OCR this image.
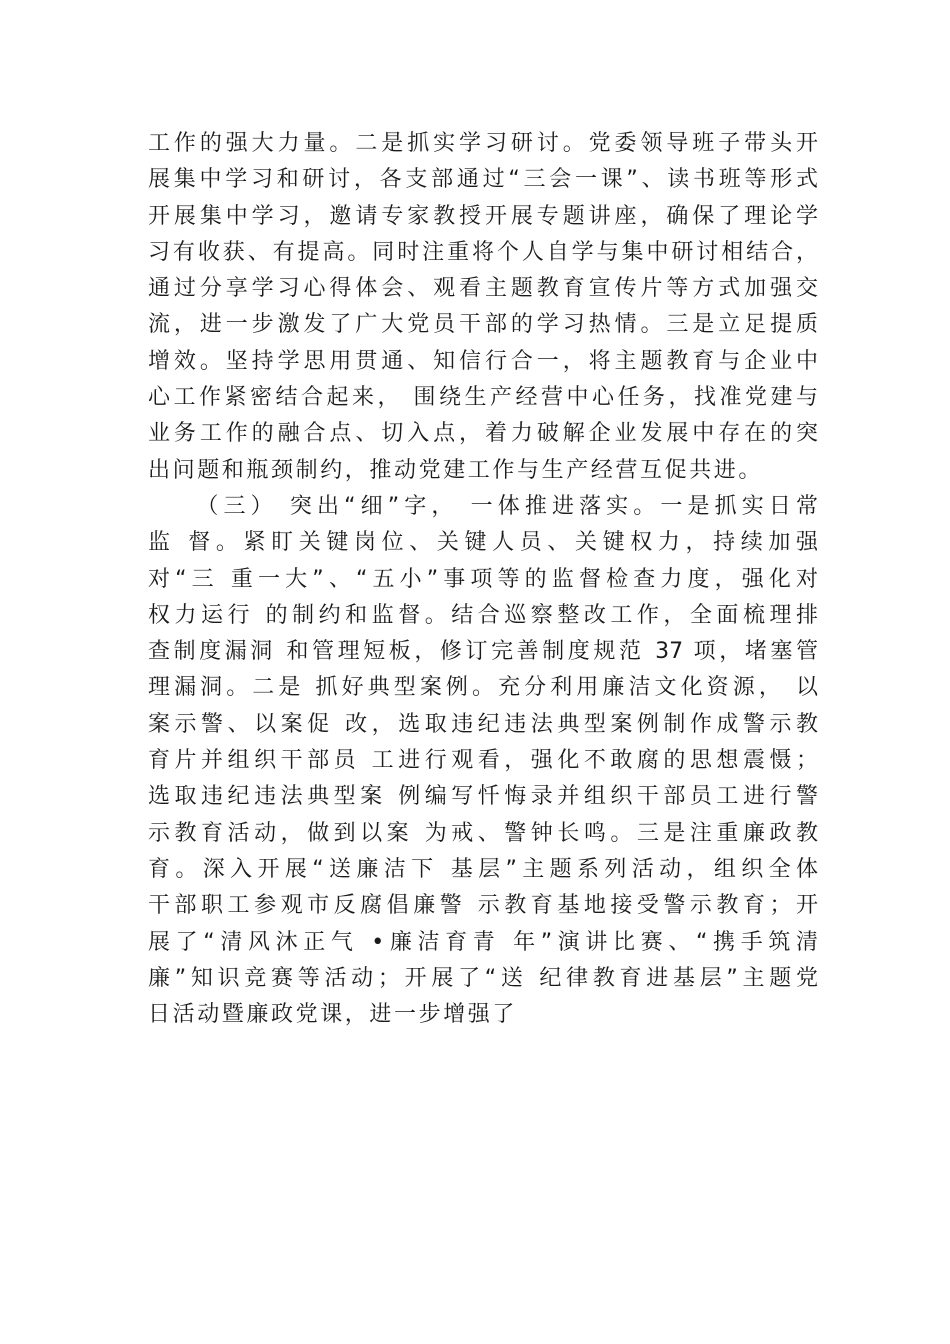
工作的强大力量。二是抓实学习研讨。党委领导班子带头开
展集中学习和研讨，各支部通过“三会一课”、读书班等形式
开展集中学习，邀请专家教授开展专题讲座，确保了理论学
习有收获、有提高。同时注重将个人自学与集中研讨相结合，
通过分享学习心得体会、观看主题教育宣传片等方式加强交
流，进一步激发了广大党员干部的学习热情。三是立足提质
增效。坚持学思用贯通、知信行合一，将主题教育与企业中
心工作紧密结合起来， 围绕生产经营中心任务，找准党建与
业务工作的融合点、切入点，着力破解企业发展中存在的突
出问题和瓶颈制约，推动党建工作与生产经营互促共进。
（三） 突出“细”字， 一体推进落实。一是抓实日常
监 督。紧盯关键岗位、关键人员、关键权力，持续加强
对“三 重一大”、“五小”事项等的监督检查力度，强化对
权力运行 的制约和监督。结合巡察整改工作，全面梳理排
查制度漏洞 和管理短板，修订完善制度规范 37 项，堵塞管
理漏洞。二是 抓好典型案例。充分利用廉洁文化资源， 以
案示警、以案促 改，选取违纪违法典型案例制作成警示教
育片并组织干部员 工进行观看，强化不敢腐的思想震慑；
选取违纪违法典型案 例编写忏悔录并组织干部员工进行警
示教育活动，做到以案 为戒、警钟长鸣。三是注重廉政教
育。深入开展“送廉洁下 基层”主题系列活动，组织全体
干部职工参观市反腐倡廉警 示教育基地接受警示教育；开
展了“清风沐正气 •廉洁育青 年”演讲比赛、“携手筑清
廉”知识竞赛等活动；开展了“送 纪律教育进基层”主题党
日活动暨廉政党课，进一步增强了
